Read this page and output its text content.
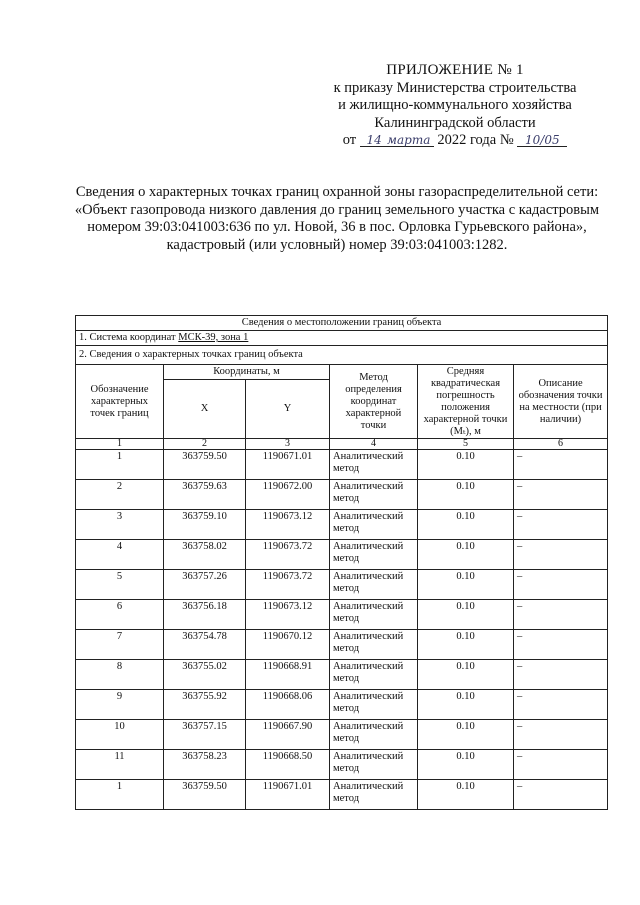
ПРИЛОЖЕНИЕ № 1
к приказу Министерства строительства
и жилищно-коммунального хозяйства
Калининградской области
от 14 марта 2022 года № 10/05
Сведения о характерных точках границ охранной зоны газораспределительной сети: «Объект газопровода низкого давления до границ земельного участка с кадастровым номером 39:03:041003:636 по ул. Новой, 36 в пос. Орловка Гурьевского района», кадастровый (или условный) номер 39:03:041003:1282.
Сведения о местоположении границ объекта					
1. Система координат МСК-39, зона 1					
2. Сведения о характерных точках границ объекта					
Обозначение характерных точек границ	Координаты, м		Метод определения координат характерной точки	Средняя квадратическая погрешность положения характерной точки (Mₜ), м	Описание обозначения точки на местности (при наличии)
	X	Y			
1	2	3	4	5	6
1	363759.50	1190671.01	Аналитический метод	0.10	–
2	363759.63	1190672.00	Аналитический метод	0.10	–
3	363759.10	1190673.12	Аналитический метод	0.10	–
4	363758.02	1190673.72	Аналитический метод	0.10	–
5	363757.26	1190673.72	Аналитический метод	0.10	–
6	363756.18	1190673.12	Аналитический метод	0.10	–
7	363754.78	1190670.12	Аналитический метод	0.10	–
8	363755.02	1190668.91	Аналитический метод	0.10	–
9	363755.92	1190668.06	Аналитический метод	0.10	–
10	363757.15	1190667.90	Аналитический метод	0.10	–
11	363758.23	1190668.50	Аналитический метод	0.10	–
1	363759.50	1190671.01	Аналитический метод	0.10	–
